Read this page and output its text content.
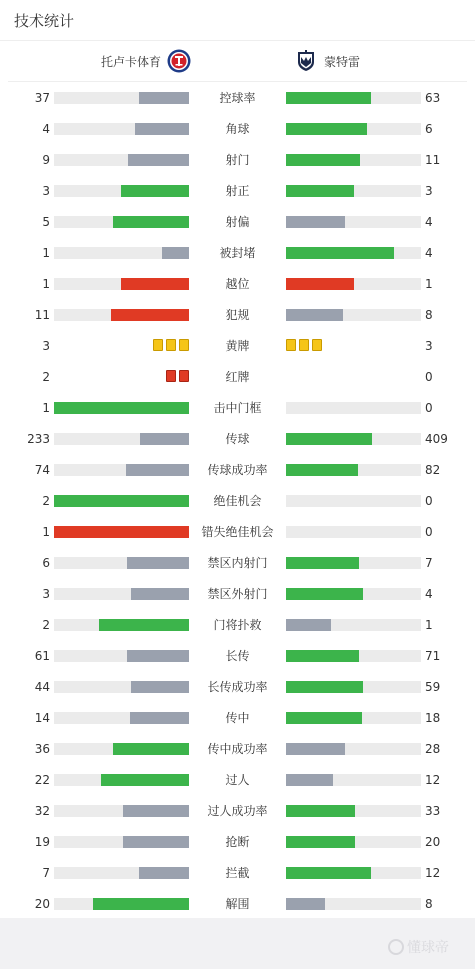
技术统计
托卢卡体育	蒙特雷
37	控球率	63
4	角球	6
9	射门	11
3	射正	3
5	射偏	4
1	被封堵	4
1	越位	1
11	犯规	8
3	黄牌	3
2	红牌	0
1	击中门框	0
233	传球	409
74	传球成功率	82
2	绝佳机会	0
1	错失绝佳机会	0
6	禁区内射门	7
3	禁区外射门	4
2	门将扑救	1
61	长传	71
44	长传成功率	59
14	传中	18
36	传中成功率	28
22	过人	12
32	过人成功率	33
19	抢断	20
7	拦截	12
20	解围	8
懂球帝
